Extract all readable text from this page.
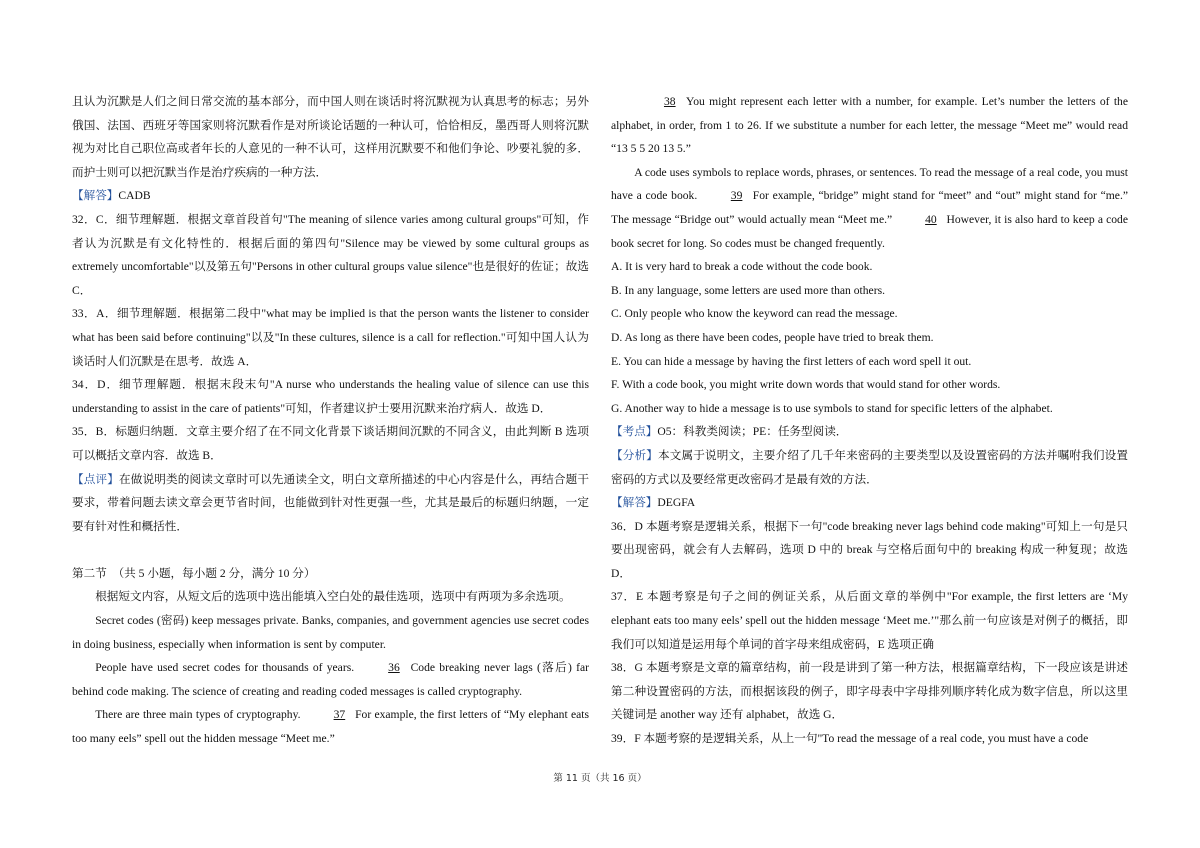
且认为沉默是人们之间日常交流的基本部分，而中国人则在谈话时将沉默视为认真思考的标志；另外俄国、法国、西班牙等国家则将沉默看作是对所谈论话题的一种认可，恰恰相反，墨西哥人则将沉默视为对比自己职位高或者年长的人意见的一种不认可，这样用沉默要不和他们争论、吵要礼貌的多．而护士则可以把沉默当作是治疗疾病的一种方法．

【解答】CADB

32．C．细节理解题．根据文章首段首句"The meaning of silence varies among cultural groups"可知，作者认为沉默是有文化特性的．根据后面的第四句"Silence may be viewed by some cultural groups as extremely uncomfortable"以及第五句"Persons in other cultural groups value silence"也是很好的佐证；故选 C．

33．A．细节理解题．根据第二段中"what may be implied is that the person wants the listener to consider what has been said before continuing"以及"In these cultures, silence is a call for reflection."可知中国人认为谈话时人们沉默是在思考．故选 A．

34．D．细节理解题．根据末段末句"A nurse who understands the healing value of silence can use this understanding to assist in the care of patients"可知，作者建议护士要用沉默来治疗病人．故选 D．

35．B．标题归纳题．文章主要介绍了在不同文化背景下谈话期间沉默的不同含义，由此判断 B 选项可以概括文章内容．故选 B．

【点评】在做说明类的阅读文章时可以先通读全文，明白文章所描述的中心内容是什么，再结合题干要求，带着问题去读文章会更节省时间，也能做到针对性更强一些，尤其是最后的标题归纳题，一定要有针对性和概括性．

第二节　（共 5 小题，每小题 2 分，满分 10 分）

根据短文内容，从短文后的选项中选出能填入空白处的最佳选项，选项中有两项为多余选项。

Secret codes (密码) keep messages private. Banks, companies, and government agencies use secret codes in doing business, especially when information is sent by computer.

People have used secret codes for thousands of years.	36 Code breaking never lags (落后) far behind code making. The science of creating and reading coded messages is called cryptography.

There are three main types of cryptography.	37 For example, the first letters of “My elephant eats too many eels” spell out the hidden message “Meet me.”

38 You might represent each letter with a number, for example. Let’s number the letters of the alphabet, in order, from 1 to 26. If we substitute a number for each letter, the message “Meet me” would read “13 5 5 20 13 5.”

A code uses symbols to replace words, phrases, or sentences. To read the message of a real code, you must have a code book.	39 For example, “bridge” might stand for “meet” and “out” might stand for “me.” The message “Bridge out” would actually mean “Meet me.”	40 However, it is also hard to keep a code book secret for long. So codes must be changed frequently.

A. It is very hard to break a code without the code book.

B. In any language, some letters are used more than others.

C. Only people who know the keyword can read the message.

D. As long as there have been codes, people have tried to break them.

E. You can hide a message by having the first letters of each word spell it out.

F. With a code book, you might write down words that would stand for other words.

G. Another way to hide a message is to use symbols to stand for specific letters of the alphabet.

【考点】O5：科教类阅读；PE：任务型阅读．

【分析】本文属于说明文，主要介绍了几千年来密码的主要类型以及设置密码的方法并嘱咐我们设置密码的方式以及要经常更改密码才是最有效的方法．

【解答】DEGFA

36．D 本题考察是逻辑关系，根据下一句"code breaking never lags behind code making"可知上一句是只要出现密码，就会有人去解码，选项 D 中的 break 与空格后面句中的 breaking 构成一种复现；故选 D．

37．E 本题考察是句子之间的例证关系，从后面文章的举例中"For example, the first letters are ‘My elephant eats too many eels’ spell out the hidden message ‘Meet me.’"那么前一句应该是对例子的概括，即我们可以知道是运用每个单词的首字母来组成密码，E 选项正确

38．G 本题考察是文章的篇章结构，前一段是讲到了第一种方法，根据篇章结构，下一段应该是讲述第二种设置密码的方法，而根据该段的例子，即字母表中字母排列顺序转化成为数字信息，所以这里关键词是 another way 还有 alphabet，故选 G．

39．F 本题考察的是逻辑关系，从上一句"To read the message of a real code, you must have a code

第 11 页（共 16 页）
